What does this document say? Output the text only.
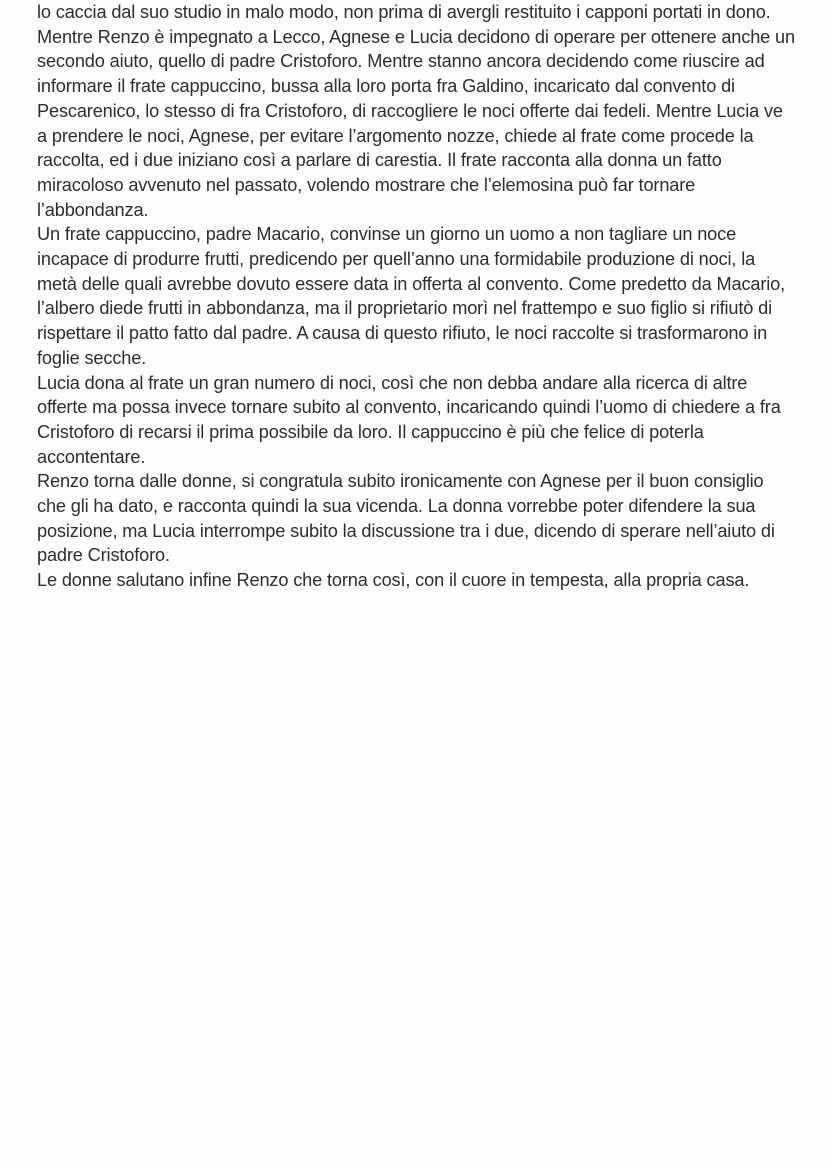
lo caccia dal suo studio in malo modo, non prima di avergli restituito i capponi portati in dono.

Mentre Renzo è impegnato a Lecco, Agnese e Lucia decidono di operare per ottenere anche un secondo aiuto, quello di padre Cristoforo. Mentre stanno ancora decidendo come riuscire ad informare il frate cappuccino, bussa alla loro porta fra Galdino, incaricato dal convento di Pescarenico, lo stesso di fra Cristoforo, di raccogliere le noci offerte dai fedeli. Mentre Lucia ve a prendere le noci, Agnese, per evitare l’argomento nozze, chiede al frate come procede la raccolta, ed i due iniziano così a parlare di carestia. Il frate racconta alla donna un fatto miracoloso avvenuto nel passato, volendo mostrare che l’elemosina può far tornare l’abbondanza.

Un frate cappuccino, padre Macario, convinse un giorno un uomo a non tagliare un noce incapace di produrre frutti, predicendo per quell’anno una formidabile produzione di noci, la metà delle quali avrebbe dovuto essere data in offerta al convento. Come predetto da Macario, l’albero diede frutti in abbondanza, ma il proprietario morì nel frattempo e suo figlio si rifiutò di rispettare il patto fatto dal padre. A causa di questo rifiuto, le noci raccolte si trasformarono in foglie secche.

Lucia dona al frate un gran numero di noci, così che non debba andare alla ricerca di altre offerte ma possa invece tornare subito al convento, incaricando quindi l’uomo di chiedere a fra Cristoforo di recarsi il prima possibile da loro. Il cappuccino è più che felice di poterla accontentare.

Renzo torna dalle donne, si congratula subito ironicamente con Agnese per il buon consiglio che gli ha dato, e racconta quindi la sua vicenda. La donna vorrebbe poter difendere la sua posizione, ma Lucia interrompe subito la discussione tra i due, dicendo di sperare nell’aiuto di padre Cristoforo.

Le donne salutano infine Renzo che torna così, con il cuore in tempesta, alla propria casa.
